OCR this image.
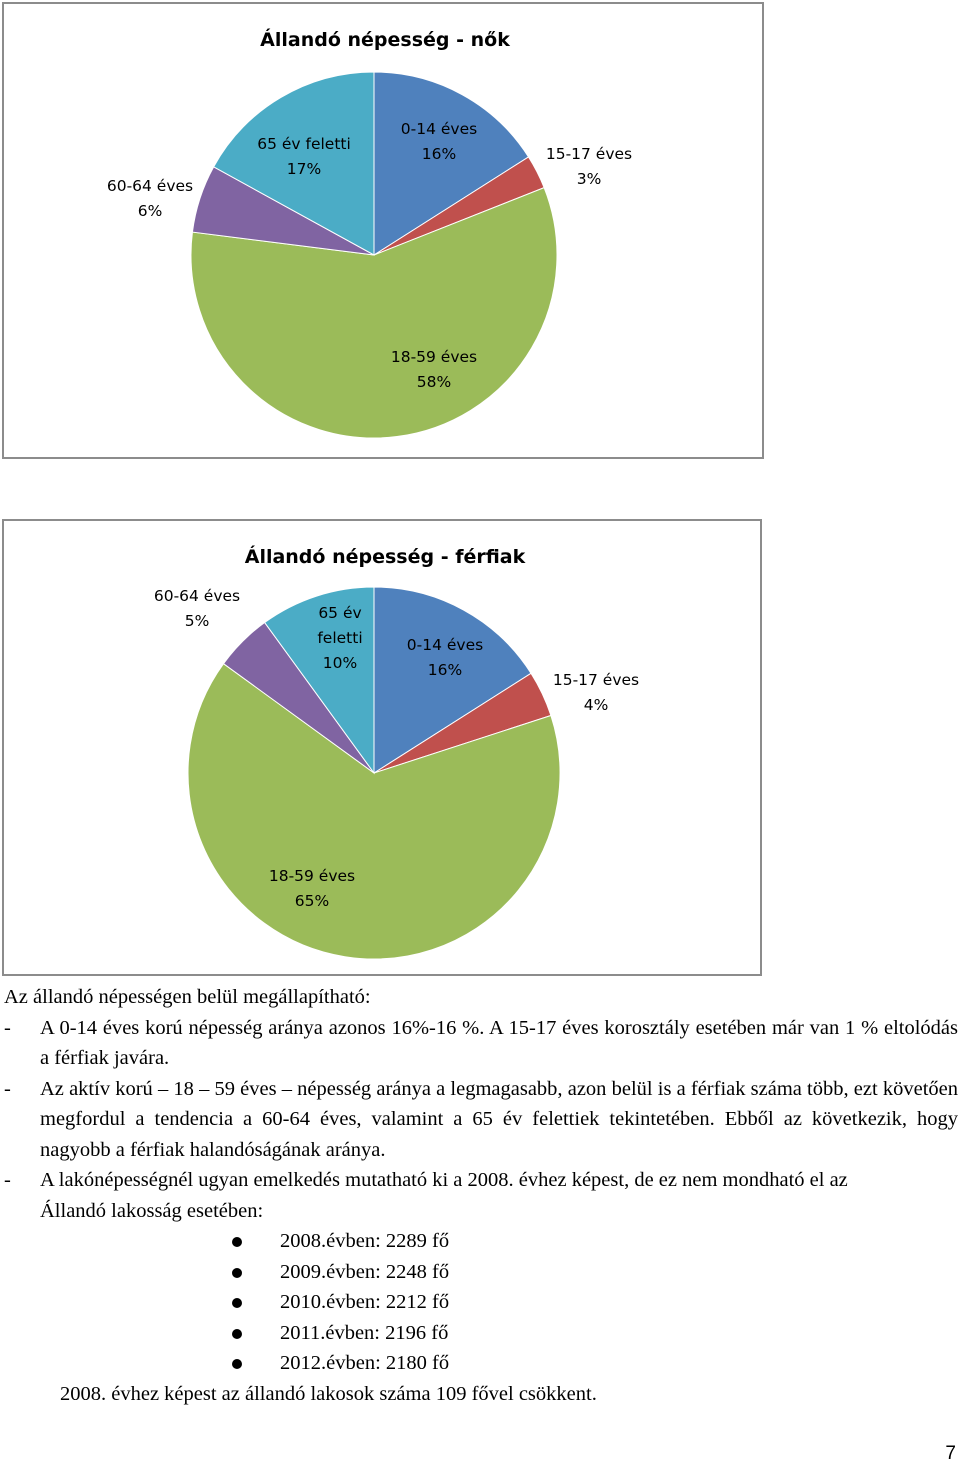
Állandó népesség - nők
0-14 éves 16%	15-17 éves 3%
18-59 éves 58%
60-64 éves 6%
65 év feletti 17%
Állandó népesség - férfiak
0-14 éves 16%
15-17 éves 4%
18-59 éves 65%
60-64 éves 5%	65 év feletti 10%

Az állandó népességen belül megállapítható:

-	A 0-14 éves korú népesség aránya azonos 16%-16 %. A 15-17 éves korosztály esetében már van 1 % eltolódás a férfiak javára.
-	Az aktív korú – 18 – 59 éves – népesség aránya a legmagasabb, azon belül is a férfiak száma több, ezt követően megfordul a tendencia a 60-64 éves, valamint a 65 év felettiek tekintetében. Ebből az következik, hogy nagyobb a férfiak halandóságának aránya.
-	A lakónépességnél ugyan emelkedés mutatható ki a 2008. évhez képest, de ez nem mondható el az

Állandó lakosság esetében:

2008.évben: 2289 fő
2009.évben: 2248 fő
2010.évben: 2212 fő
2011.évben: 2196 fő
2012.évben: 2180 fő

2008. évhez képest az állandó lakosok száma 109 fővel csökkent.

7
